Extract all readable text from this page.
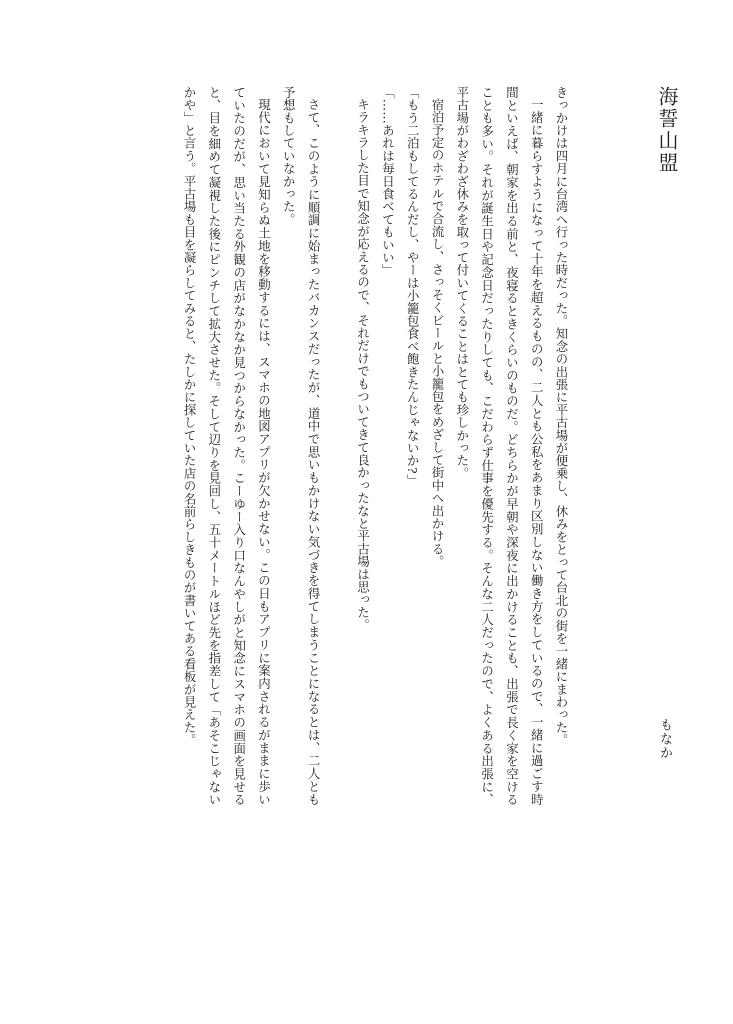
海誓山盟

きっかけは四月に台湾へ行った時だった。知念の出張に平古場が便乗し、休みをとって台北の街を一緒にまわった。

一緒に暮らすようになって十年を超えるものの、二人とも公私をあまり区別しない働き方をしているので、一緒に過ごす時間といえば、朝家を出る前と、夜寝るときくらいのものだ。どちらかが早朝や深夜に出かけることも、出張で長く家を空けることも多い。それが誕生日や記念日だったりしても、こだわらず仕事を優先する。そんな二人だったので、よくある出張に、平古場がわざわざ休みを取って付いてくることはとても珍しかった。

宿泊予定のホテルで合流し、さっそくビールと小籠包をめざして街中へ出かける。

「もう二泊もしてるんだし、やーは小籠包食べ飽きたんじゃないか?」

「……あれは毎日食べてもいい」

キラキラした目で知念が応えるので、それだけでもついてきて良かったなと平古場は思った。

さて、このように順調に始まったバカンスだったが、道中で思いもかけない気づきを得てしまうことになるとは、二人とも予想もしていなかった。

現代において見知らぬ土地を移動するには、スマホの地図アプリが欠かせない。この日もアプリに案内されるがままに歩いていたのだが、思い当たる外観の店がなかなか見つからなかった。こーゆー入り口なんやしがと知念にスマホの画面を見せると、目を細めて凝視した後にピンチして拡大させた。そして辺りを見回し、五十メートルほど先を指差して「あそこじゃないかや」と言う。平古場も目を凝らしてみると、たしかに探していた店の名前らしきものが書いてある看板が見えた。	もなか
